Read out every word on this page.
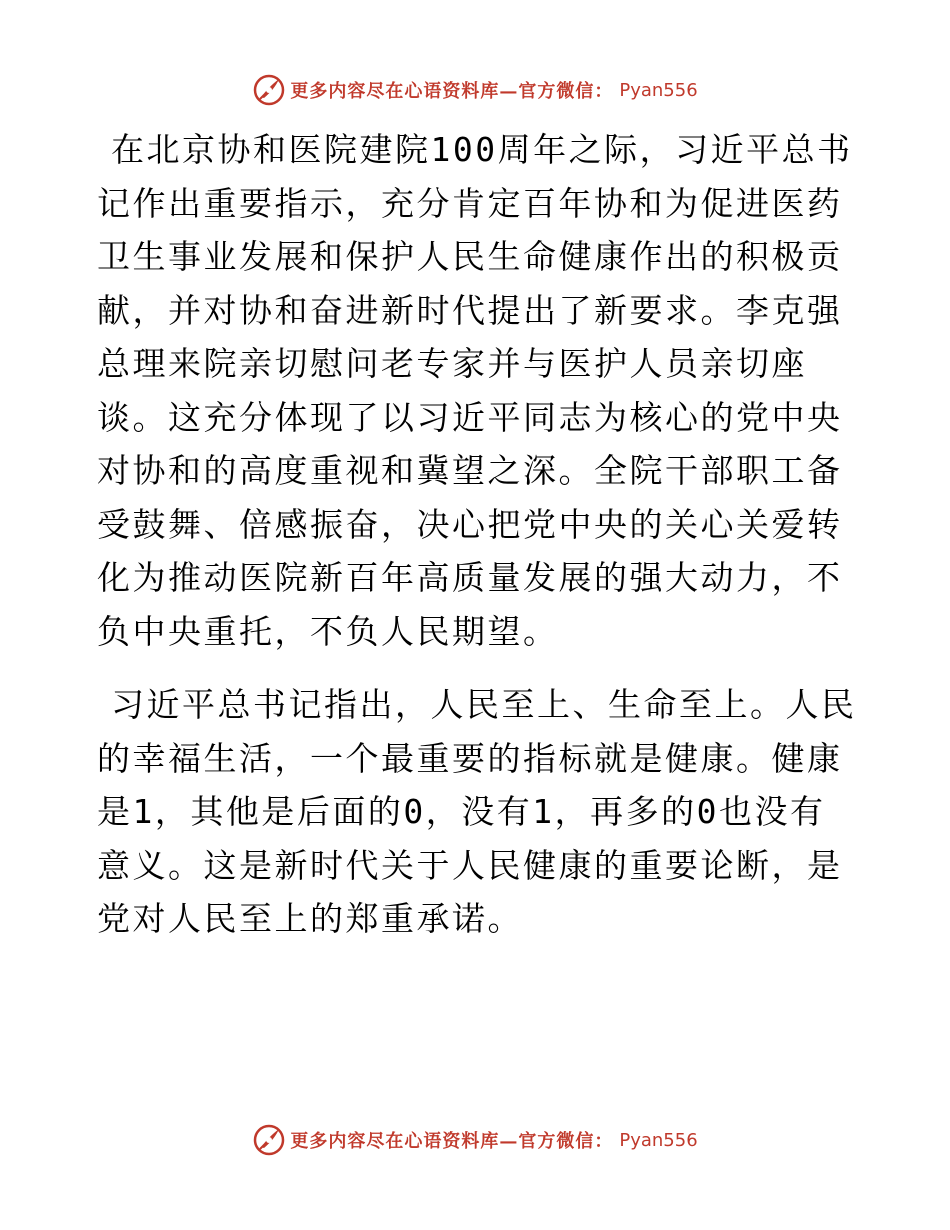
更多内容尽在心语资料库—官方微信： Pyan556

在北京协和医院建院100周年之际，习近平总书记作出重要指示，充分肯定百年协和为促进医药卫生事业发展和保护人民生命健康作出的积极贡献，并对协和奋进新时代提出了新要求。李克强总理来院亲切慰问老专家并与医护人员亲切座谈。这充分体现了以习近平同志为核心的党中央对协和的高度重视和冀望之深。全院干部职工备受鼓舞、倍感振奋，决心把党中央的关心关爱转化为推动医院新百年高质量发展的强大动力，不负中央重托，不负人民期望。

习近平总书记指出，人民至上、生命至上。人民的幸福生活，一个最重要的指标就是健康。健康是1，其他是后面的0，没有1，再多的0也没有意义。这是新时代关于人民健康的重要论断，是党对人民至上的郑重承诺。

更多内容尽在心语资料库—官方微信： Pyan556
